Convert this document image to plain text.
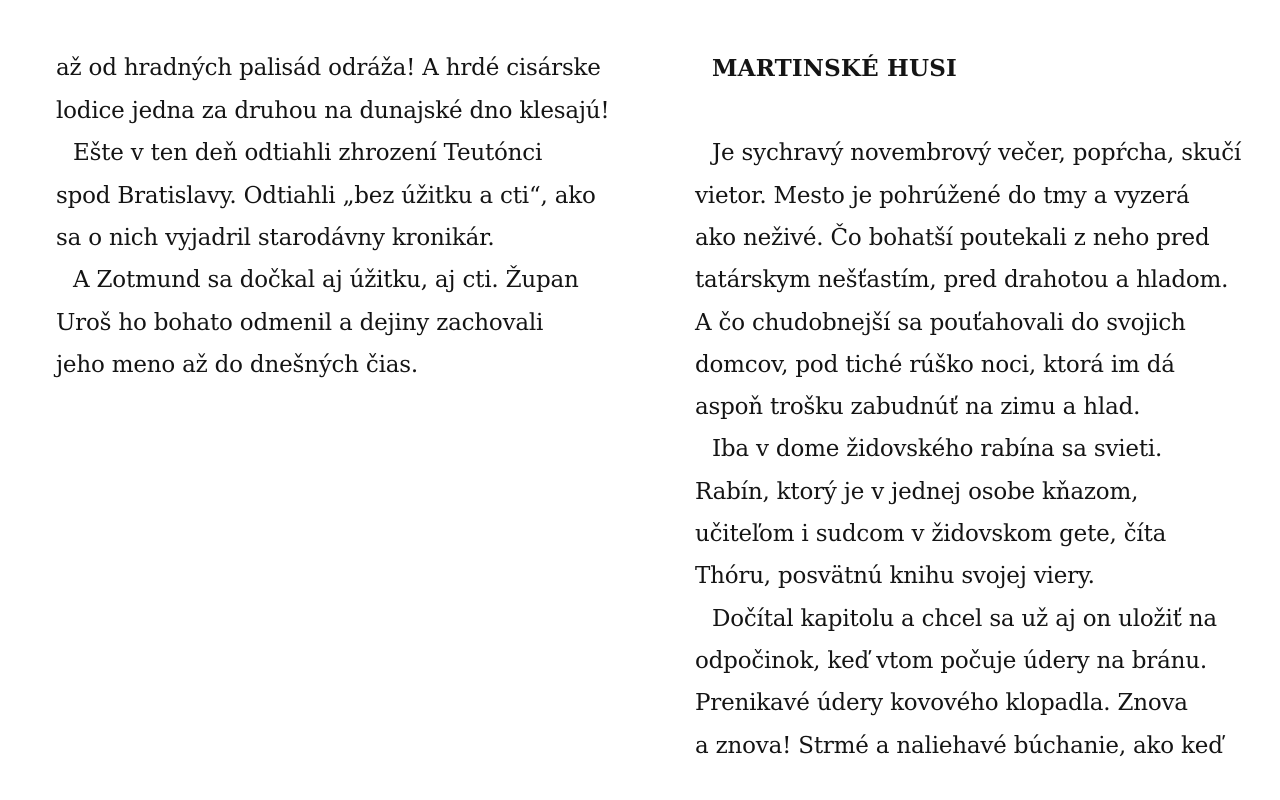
až od hradných palisád odráža! A hrdé cisárske
lodice jedna za druhou na dunajské dno klesajú!
Ešte v ten deň odtiahli zhrození Teutónci
spod Bratislavy. Odtiahli „bez úžitku a cti“, ako
sa o nich vyjadril starodávny kronikár.
A Zotmund sa dočkal aj úžitku, aj cti. Župan
Uroš ho bohato odmenil a dejiny zachovali
jeho meno až do dnešných čias.
MARTINSKÉ HUSI
Je sychravý novembrový večer, popŕcha, skučí
vietor. Mesto je pohrúžené do tmy a vyzerá
ako neživé. Čo bohatší poutekali z neho pred
tatárskym nešťastím, pred drahotou a hladom.
A čo chudobnejší sa pouťahovali do svojich
domcov, pod tiché rúško noci, ktorá im dá
aspoň trošku zabudnúť na zimu a hlad.
Iba v dome židovského rabína sa svieti.
Rabín, ktorý je v jednej osobe kňazom,
učiteľom i sudcom v židovskom gete, číta
Thóru, posvätnú knihu svojej viery.
Dočítal kapitolu a chcel sa už aj on uložiť na
odpočinok, keď vtom počuje údery na bránu.
Prenikavé údery kovového klopadla. Znova
a znova! Strmé a naliehavé búchanie, ako keď
